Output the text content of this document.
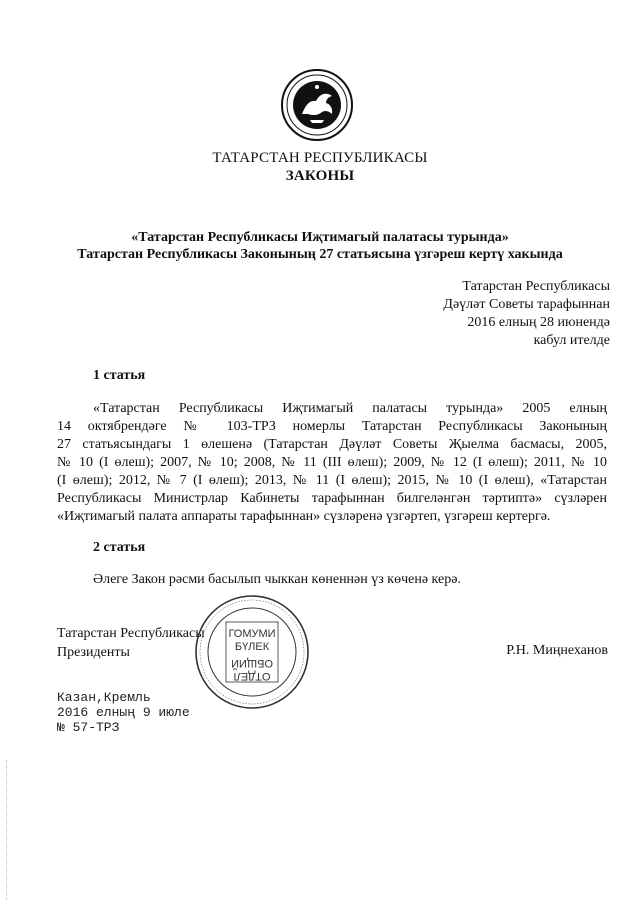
ТАТАРСТАН РЕСПУБЛИКАСЫ
ЗАКОНЫ
«Татарстан Республикасы Иҗтимагый палатасы турында»
Татарстан Республикасы Законының 27 статьясына үзгәреш кертү хакында
Татарстан Республикасы
Дәүләт Советы тарафыннан
2016 елның 28 июнендә
кабул ителде
1 статья
«Татарстан Республикасы Иҗтимагый палатасы турында» 2005 елның
14 октябрендәге № 103-ТРЗ номерлы Татарстан Республикасы Законының
27 статьясындагы 1 өлешенә (Татарстан Дәүләт Советы Җыелма басмасы, 2005,
№ 10 (I өлеш); 2007, № 10; 2008, № 11 (III өлеш); 2009, № 12 (I өлеш); 2011, № 10
(I өлеш); 2012, № 7 (I өлеш); 2013, № 11 (I өлеш); 2015, № 10 (I өлеш), «Татарстан
Республикасы Министрлар Кабинеты тарафыннан билгеләнгән тәртиптә» сүзләрен
«Иҗтимагый палата аппараты тарафыннан» сүзләренә үзгәртеп, үзгәреш кертергә.
2 статья
Әлеге Закон рәсми басылып чыккан көненнән үз көченә керә.
Татарстан Республикасы
Президенты	Р.Н. Миңнеханов
ГОМУМИ
БҮЛЕК
ОТДЕЛ
ОБЩИЙ
Казан,Кремль
2016 елның 9 июле
№ 57-ТРЗ
